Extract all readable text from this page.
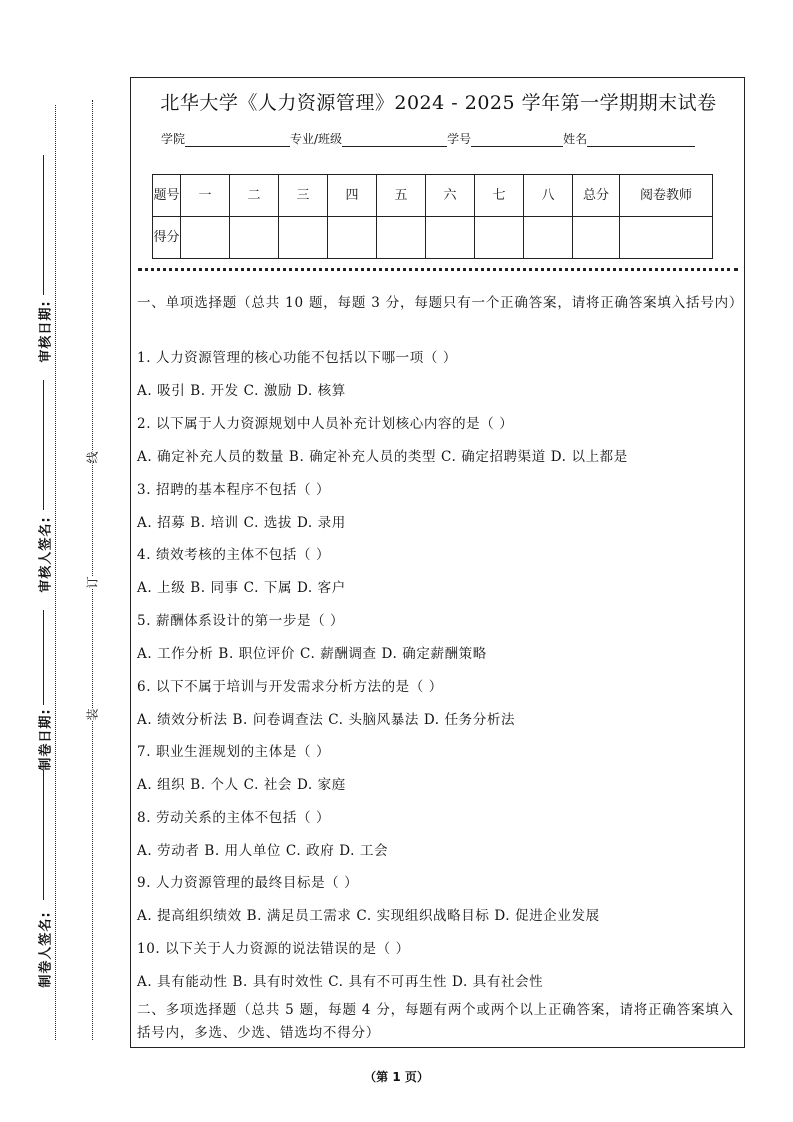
审核日期:
审核人签名:
制卷日期:
制卷人签名:
线
订
装
北华大学《人力资源管理》2024 - 2025 学年第一学期期末试卷
学院	专业/班级	学号	姓名
题号	一	二	三	四	五	六	七	八	总分	阅卷教师
得分										
一、单项选择题（总共 10 题，每题 3 分，每题只有一个正确答案，请将正确答案填入括号内）
1. 人力资源管理的核心功能不包括以下哪一项（ ）
A. 吸引 B. 开发 C. 激励 D. 核算
2. 以下属于人力资源规划中人员补充计划核心内容的是（ ）
A. 确定补充人员的数量 B. 确定补充人员的类型 C. 确定招聘渠道 D. 以上都是
3. 招聘的基本程序不包括（ ）
A. 招募 B. 培训 C. 选拔 D. 录用
4. 绩效考核的主体不包括（ ）
A. 上级 B. 同事 C. 下属 D. 客户
5. 薪酬体系设计的第一步是（ ）
A. 工作分析 B. 职位评价 C. 薪酬调查 D. 确定薪酬策略
6. 以下不属于培训与开发需求分析方法的是（ ）
A. 绩效分析法 B. 问卷调查法 C. 头脑风暴法 D. 任务分析法
7. 职业生涯规划的主体是（ ）
A. 组织 B. 个人 C. 社会 D. 家庭
8. 劳动关系的主体不包括（ ）
A. 劳动者 B. 用人单位 C. 政府 D. 工会
9. 人力资源管理的最终目标是（ ）
A. 提高组织绩效 B. 满足员工需求 C. 实现组织战略目标 D. 促进企业发展
10. 以下关于人力资源的说法错误的是（ ）
A. 具有能动性 B. 具有时效性 C. 具有不可再生性 D. 具有社会性
二、多项选择题（总共 5 题，每题 4 分，每题有两个或两个以上正确答案，请将正确答案填入括号内，多选、少选、错选均不得分）
（第 1 页）
